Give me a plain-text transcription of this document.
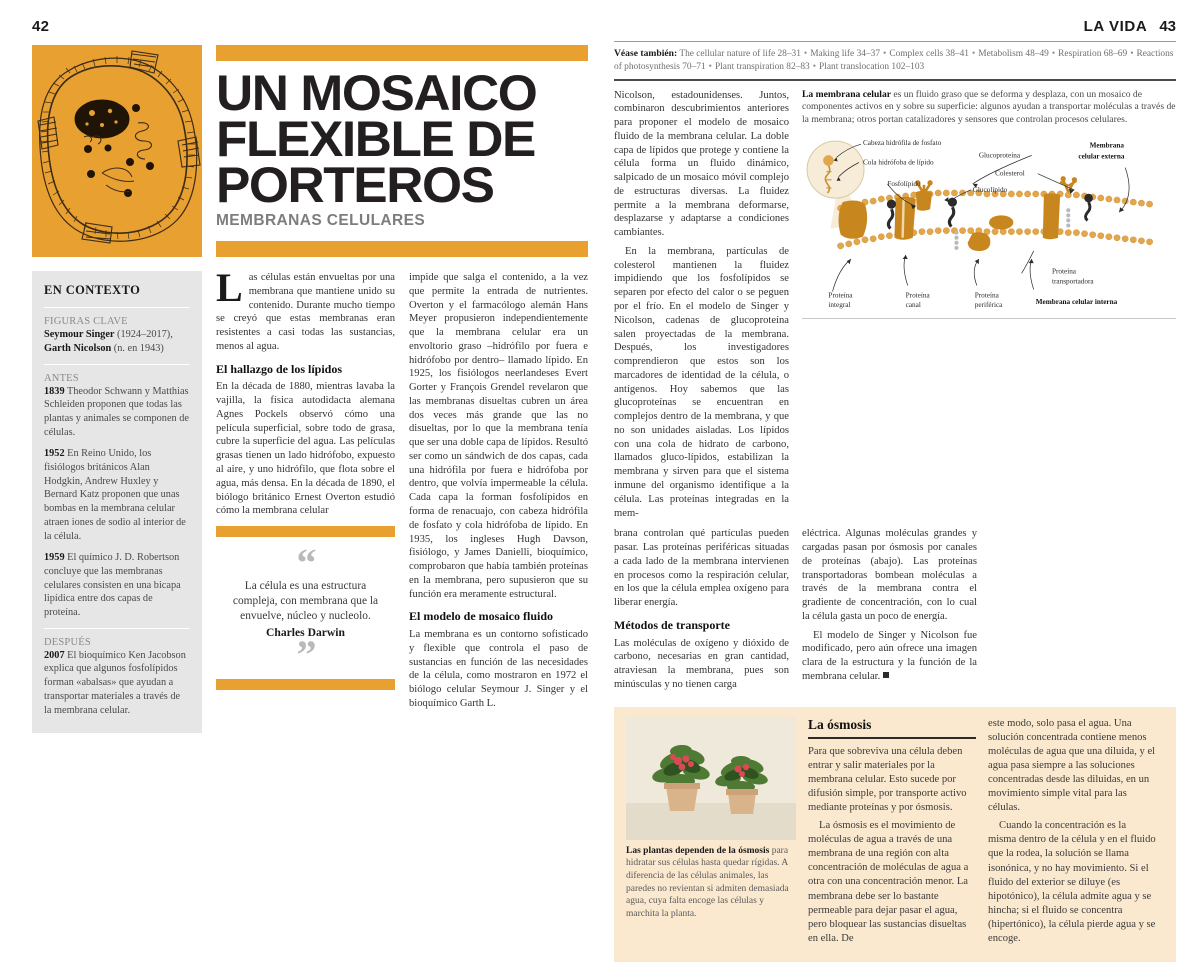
42
EN CONTEXTO
FIGURAS CLAVE

Seymour Singer (1924–2017), Garth Nicolson (n. en 1943)

ANTES

1839 Theodor Schwann y Matthias Schleiden proponen que todas las plantas y animales se componen de células.

1952 En Reino Unido, los fisiólogos británicos Alan Hodgkin, Andrew Huxley y Bernard Katz proponen que unas bombas en la membrana celular atraen iones de sodio al interior de la célula.

1959 El químico J. D. Robertson concluye que las membranas celulares consisten en una bicapa lipídica entre dos capas de proteína.

DESPUÉS

2007 El bioquímico Ken Jacobson explica que algunos fosfolípidos forman «abalsas» que ayudan a transportar materiales a través de la membrana celular.

UN MOSAICO
FLEXIBLE DE
PORTEROS
MEMBRANAS CELULARES

Las células están envueltas por una membrana que mantiene unido su contenido. Durante mucho tiempo se creyó que estas membranas eran resistentes a casi todas las sustancias, menos al agua.

El hallazgo de los lípidos

En la década de 1880, mientras lavaba la vajilla, la física autodidacta alemana Agnes Pockels observó cómo una película superficial, sobre todo de grasa, cubre la superficie del agua. Las películas grasas tienen un lado hidrófobo, expuesto al aire, y uno hidrófilo, que flota sobre el agua, más densa. En la década de 1890, el biólogo británico Ernest Overton estudió cómo la membrana celular

“
La célula es una estructura compleja, con membrana que la envuelve, núcleo y nucleolo.
Charles Darwin
”

impide que salga el contenido, a la vez que permite la entrada de nutrientes. Overton y el farmacólogo alemán Hans Meyer propusieron independientemente que la membrana celular era un envoltorio graso –hidrófilo por fuera e hidrófobo por dentro– llamado lípido. En 1925, los fisiólogos neerlandeses Evert Gorter y François Grendel revelaron que las membranas disueltas cubren un área dos veces más grande que las no disueltas, por lo que la membrana tenía que ser una doble capa de lípidos. Resultó ser como un sándwich de dos capas, cada una hidrófila por fuera e hidrófoba por dentro, que volvía impermeable la célula. Cada capa la forman fosfolípidos en forma de renacuajo, con cabeza hidrófila de fosfato y cola hidrófoba de lípido. En 1935, los ingleses Hugh Davson, fisiólogo, y James Danielli, bioquímico, comprobaron que había también proteínas en la membrana, pero supusieron que su función era meramente estructural.

El modelo de mosaico fluido

La membrana es un contorno sofisticado y flexible que controla el paso de sustancias en función de las necesidades de la célula, como mostraron en 1972 el biólogo celular Seymour J. Singer y el bioquímico Garth L.

LA VIDA 43
Véase también: The cellular nature of life 28–31 • Making life 34–37 • Complex cells 38–41 • Metabolism 48–49 • Respiration 68–69 • Reactions of photosynthesis 70–71 • Plant transpiration 82–83 • Plant translocation 102–103

Nicolson, estadounidenses. Juntos, combinaron descubrimientos anteriores para proponer el modelo de mosaico fluido de la membrana celular. La doble capa de lípidos que protege y contiene la célula forma un fluido dinámico, salpicado de un mosaico móvil complejo de estructuras diversas. La fluidez permite a la membrana deformarse, desplazarse y adaptarse a condiciones cambiantes.

En la membrana, partículas de colesterol mantienen la fluidez impidiendo que los fosfolípidos se separen por efecto del calor o se peguen por el frío. En el modelo de Singer y Nicolson, cadenas de glucoproteína salen proyectadas de la membrana. Después, los investigadores comprendieron que estos son los marcadores de identidad de la célula, o antígenos. Hoy sabemos que las glucoproteínas se encuentran en complejos dentro de la membrana, y que no son unidades aisladas. Los lípidos con una cola de hidrato de carbono, llamados gluco-lípidos, estabilizan la membrana y sirven para que el sistema inmune del organismo identifique a la célula. Las proteínas integradas en la mem-

La membrana celular es un fluido graso que se deforma y desplaza, con un mosaico de componentes activos en y sobre su superficie: algunos ayudan a transportar moléculas a través de la membrana; otros portan catalizadores y sensores que controlan procesos celulares.
Cabeza hidrófila de fosfato
Cola hidrófoba de lípido
Fosfolípido
Glucolípido
Glucoproteína
Colesterol
Membrana
celular externa
Proteína
integral
Proteína
canal
Proteína
periférica
Proteína
transportadora
Membrana celular interna

brana controlan qué partículas pueden pasar. Las proteínas periféricas situadas a cada lado de la membrana intervienen en procesos como la respiración celular, en los que la célula emplea oxígeno para liberar energía.

Métodos de transporte

Las moléculas de oxígeno y dióxido de carbono, necesarias en gran cantidad, atraviesan la membrana, pues son minúsculas y no tienen carga

eléctrica. Algunas moléculas grandes y cargadas pasan por ósmosis por canales de proteínas (abajo). Las proteínas transportadoras bombean moléculas a través de la membrana contra el gradiente de concentración, con lo cual la célula gasta un poco de energía.

El modelo de Singer y Nicolson fue modificado, pero aún ofrece una imagen clara de la estructura y la función de la membrana celular.

Las plantas dependen de la ósmosis para hidratar sus células hasta quedar rígidas. A diferencia de las células animales, las paredes no revientan si admiten demasiada agua, cuya falta encoge las células y marchita la planta.
La ósmosis

Para que sobreviva una célula deben entrar y salir materiales por la membrana celular. Esto sucede por difusión simple, por transporte activo mediante proteínas y por ósmosis.

La ósmosis es el movimiento de moléculas de agua a través de una membrana de una región con alta concentración de moléculas de agua a otra con una concentración menor. La membrana debe ser lo bastante permeable para dejar pasar el agua, pero bloquear las sustancias disueltas en ella. De

este modo, solo pasa el agua. Una solución concentrada contiene menos moléculas de agua que una diluida, y el agua pasa siempre a las soluciones concentradas desde las diluidas, en un movimiento simple vital para las células.

Cuando la concentración es la misma dentro de la célula y en el fluido que la rodea, la solución se llama isonónica, y no hay movimiento. Si el fluido del exterior se diluye (es hipotónico), la célula admite agua y se hincha; si el fluido se concentra (hipertónico), la célula pierde agua y se encoge.
